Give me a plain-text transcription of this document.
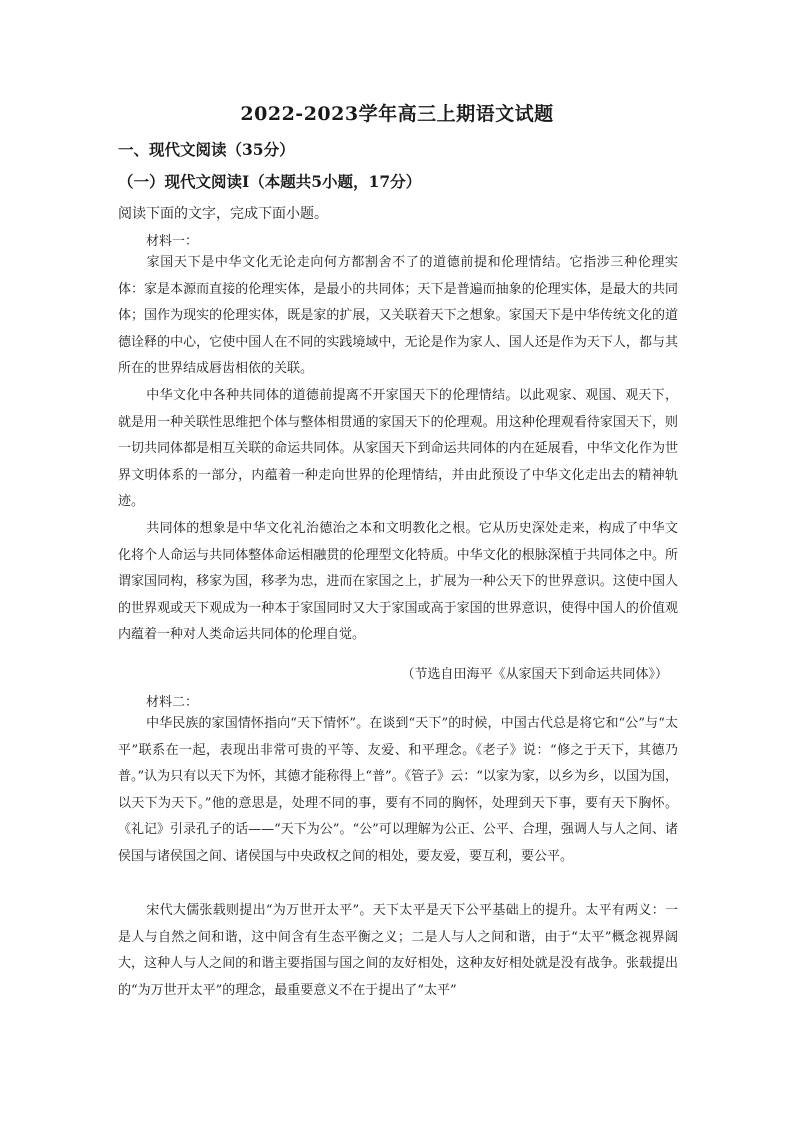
2022-2023学年高三上期语文试题
一、现代文阅读（35分）
（一）现代文阅读Ⅰ（本题共5小题，17分）
阅读下面的文字，完成下面小题。
材料一：

家国天下是中华文化无论走向何方都割舍不了的道德前提和伦理情结。它指涉三种伦理实体：家是本源而直接的伦理实体，是最小的共同体；天下是普遍而抽象的伦理实体，是最大的共同体；国作为现实的伦理实体，既是家的扩展，又关联着天下之想象。家国天下是中华传统文化的道德诠释的中心，它使中国人在不同的实践境域中，无论是作为家人、国人还是作为天下人，都与其所在的世界结成唇齿相依的关联。

中华文化中各种共同体的道德前提离不开家国天下的伦理情结。以此观家、观国、观天下，就是用一种关联性思维把个体与整体相贯通的家国天下的伦理观。用这种伦理观看待家国天下，则一切共同体都是相互关联的命运共同体。从家国天下到命运共同体的内在延展看，中华文化作为世界文明体系的一部分，内蕴着一种走向世界的伦理情结，并由此预设了中华文化走出去的精神轨迹。

共同体的想象是中华文化礼治德治之本和文明教化之根。它从历史深处走来，构成了中华文化将个人命运与共同体整体命运相融贯的伦理型文化特质。中华文化的根脉深植于共同体之中。所谓家国同构，移家为国，移孝为忠，进而在家国之上，扩展为一种公天下的世界意识。这使中国人的世界观或天下观成为一种本于家国同时又大于家国或高于家国的世界意识，使得中国人的价值观内蕴着一种对人类命运共同体的伦理自觉。

（节选自田海平《从家国天下到命运共同体》）
材料二：

中华民族的家国情怀指向“天下情怀”。在谈到“天下”的时候，中国古代总是将它和“公”与“太平”联系在一起，表现出非常可贵的平等、友爱、和平理念。《老子》说：“修之于天下，其德乃普。”认为只有以天下为怀，其德才能称得上“普”。《管子》云：“以家为家，以乡为乡，以国为国，以天下为天下。”他的意思是，处理不同的事，要有不同的胸怀，处理到天下事，要有天下胸怀。《礼记》引录孔子的话——“天下为公”。“公”可以理解为公正、公平、合理，强调人与人之间、诸侯国与诸侯国之间、诸侯国与中央政权之间的相处，要友爱，要互利，要公平。

宋代大儒张载则提出“为万世开太平”。天下太平是天下公平基础上的提升。太平有两义：一是人与自然之间和谐，这中间含有生态平衡之义；二是人与人之间和谐，由于“太平”概念视界阔大，这种人与人之间的和谐主要指国与国之间的友好相处，这种友好相处就是没有战争。张载提出的“为万世开太平”的理念，最重要意义不在于提出了“太平”
